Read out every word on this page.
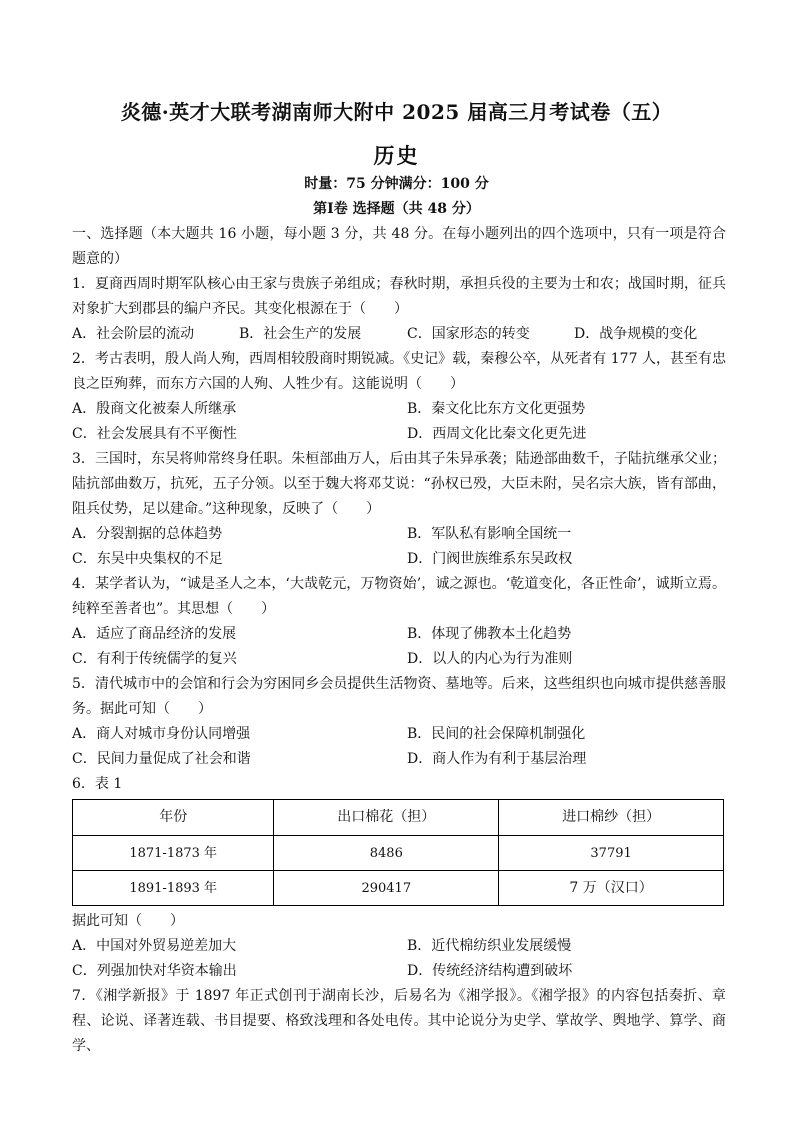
炎德·英才大联考湖南师大附中 2025 届高三月考试卷（五）
历史
时量：75 分钟满分：100 分
第Ⅰ卷 选择题（共 48 分）

一、选择题（本大题共 16 小题，每小题 3 分，共 48 分。在每小题列出的四个选项中，只有一项是符合题意的）

1．夏商西周时期军队核心由王家与贵族子弟组成；春秋时期，承担兵役的主要为士和农；战国时期，征兵对象扩大到郡县的编户齐民。其变化根源在于（　　）

A．社会阶层的流动	B．社会生产的发展	C．国家形态的转变	D．战争规模的变化

2．考古表明，殷人尚人殉，西周相较殷商时期锐减。《史记》载，秦穆公卒，从死者有 177 人，甚至有忠良之臣殉葬，而东方六国的人殉、人牲少有。这能说明（　　）

A．殷商文化被秦人所继承	B．秦文化比东方文化更强势
C．社会发展具有不平衡性	D．西周文化比秦文化更先进

3．三国时，东吴将帅常终身任职。朱桓部曲万人，后由其子朱异承袭；陆逊部曲数千，子陆抗继承父业；陆抗部曲数万，抗死，五子分领。以至于魏大将邓艾说：“孙权已殁，大臣未附，吴名宗大族，皆有部曲，阻兵仗势，足以建命。”这种现象，反映了（　　）

A．分裂割据的总体趋势	B．军队私有影响全国统一
C．东吴中央集权的不足	D．门阀世族维系东吴政权

4．某学者认为，“诚是圣人之本，‘大哉乾元，万物资始’，诚之源也。‘乾道变化，各正性命’，诚斯立焉。纯粹至善者也”。其思想（　　）

A．适应了商品经济的发展	B．体现了佛教本土化趋势
C．有利于传统儒学的复兴	D．以人的内心为行为准则

5．清代城市中的会馆和行会为穷困同乡会员提供生活物资、墓地等。后来，这些组织也向城市提供慈善服务。据此可知（　　）

A．商人对城市身份认同增强	B．民间的社会保障机制强化
C．民间力量促成了社会和谐	D．商人作为有利于基层治理

6．表 1

年份	出口棉花（担）	进口棉纱（担）
1871-1873 年	8486	37791
1891-1893 年	290417	7 万（汉口）

据此可知（　　）

A．中国对外贸易逆差加大	B．近代棉纺织业发展缓慢
C．列强加快对华资本输出	D．传统经济结构遭到破坏

7．《湘学新报》于 1897 年正式创刊于湖南长沙，后易名为《湘学报》。《湘学报》的内容包括奏折、章程、论说、译著连载、书目提要、格致浅理和各处电传。其中论说分为史学、掌故学、舆地学、算学、商学、
